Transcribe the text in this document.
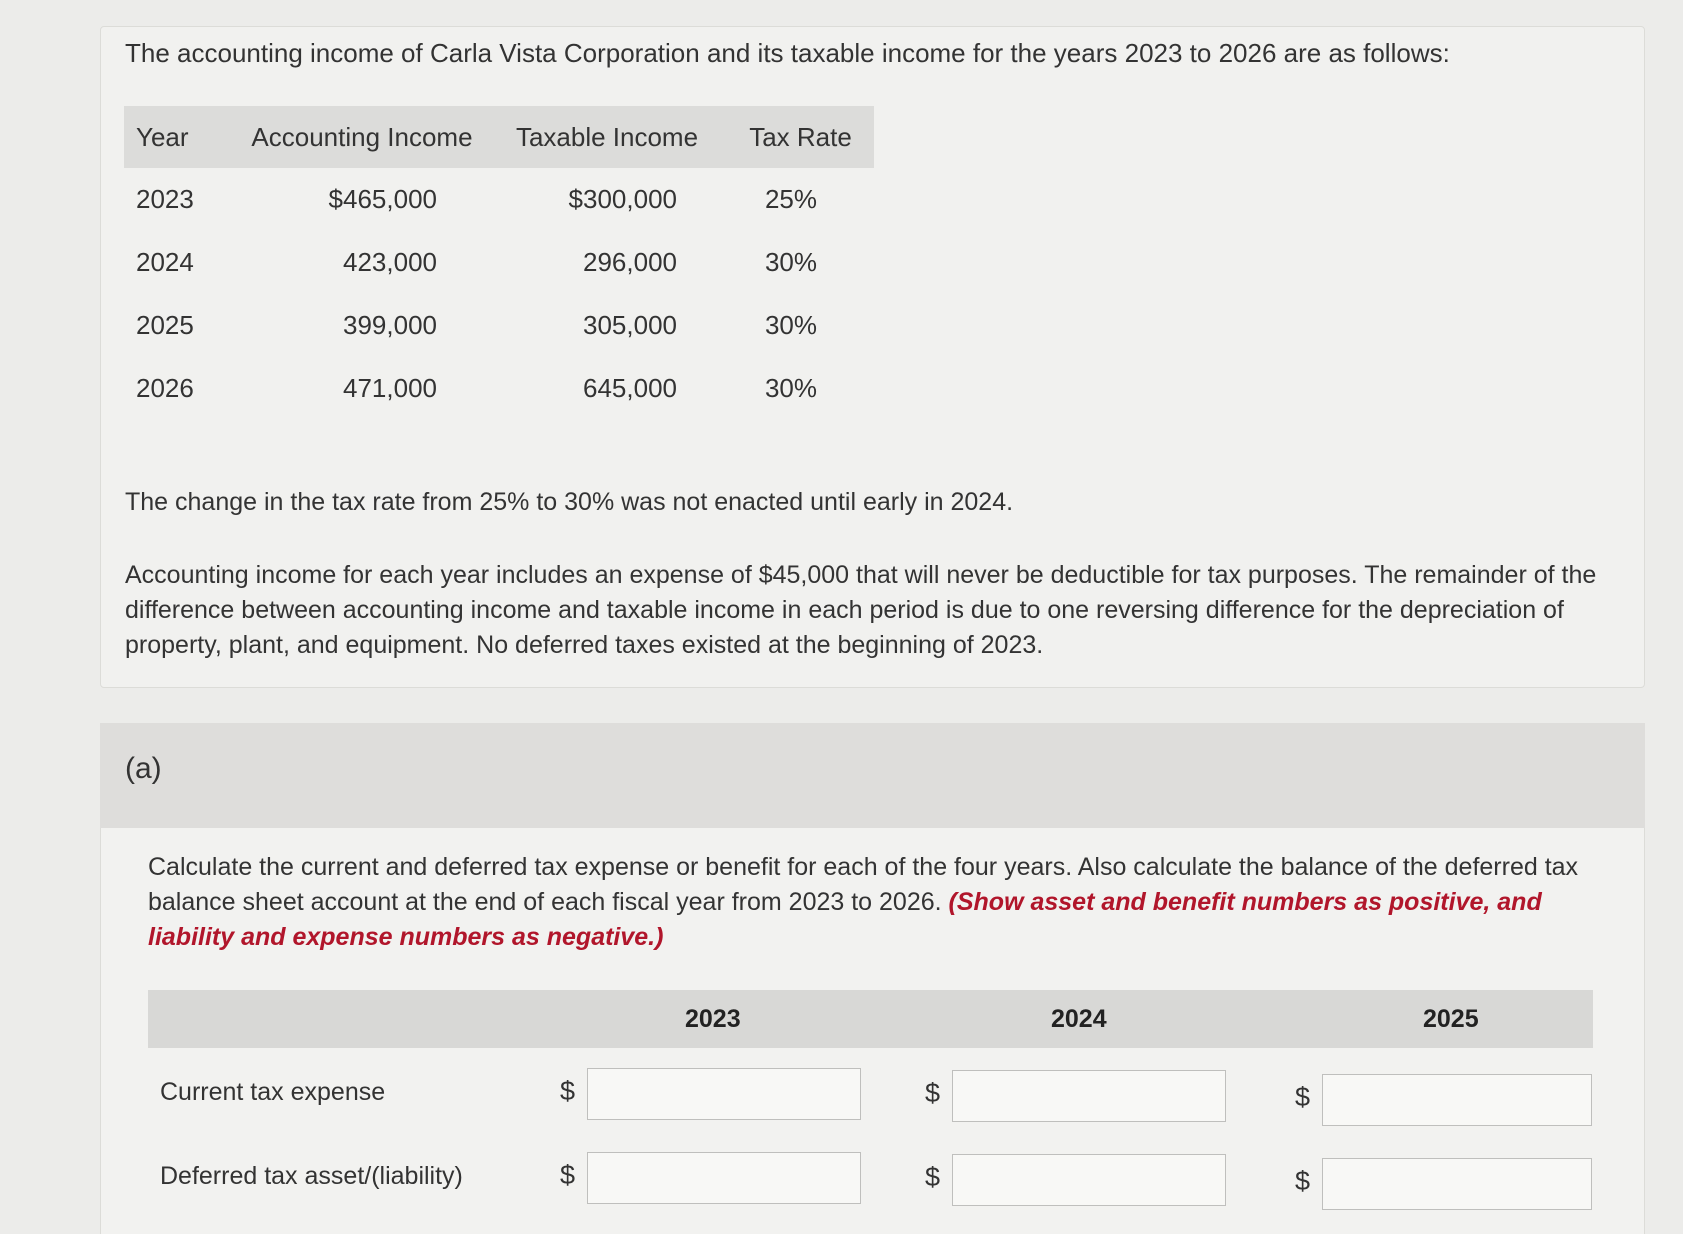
The accounting income of Carla Vista Corporation and its taxable income for the years 2023 to 2026 are as follows:

Year	Accounting Income	Taxable Income	Tax Rate
2023	$465,000	$300,000	25%
2024	423,000	296,000	30%
2025	399,000	305,000	30%
2026	471,000	645,000	30%

The change in the tax rate from 25% to 30% was not enacted until early in 2024.

Accounting income for each year includes an expense of $45,000 that will never be deductible for tax purposes. The remainder of the difference between accounting income and taxable income in each period is due to one reversing difference for the depreciation of property, plant, and equipment. No deferred taxes existed at the beginning of 2023.

(a)

Calculate the current and deferred tax expense or benefit for each of the four years. Also calculate the balance of the deferred tax balance sheet account at the end of each fiscal year from 2023 to 2026. (Show asset and benefit numbers as positive, and liability and expense numbers as negative.)

2023	2024	2025
Current tax expense	$	$	$
Deferred tax asset/(liability)	$	$	$
